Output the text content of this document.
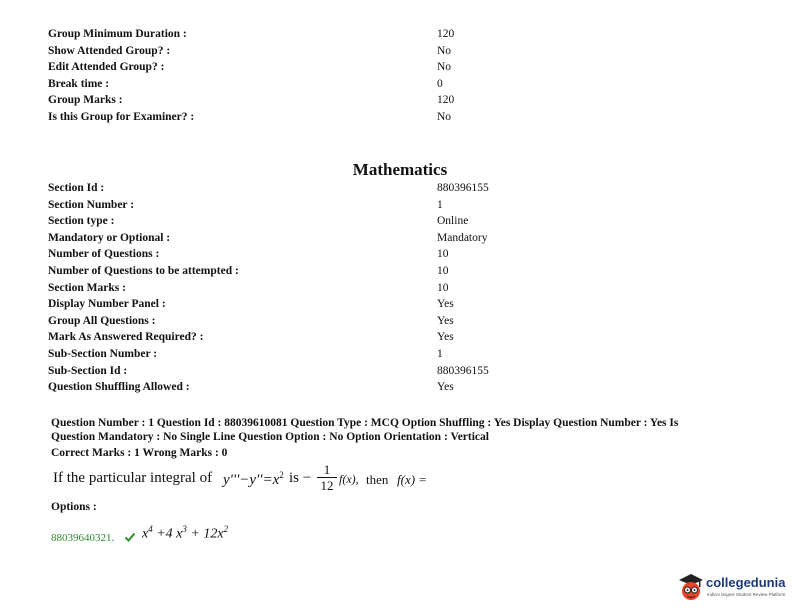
Group Minimum Duration :	120
Show Attended Group? :	No
Edit Attended Group? :	No
Break time :	0
Group Marks :	120
Is this Group for Examiner? :	No
Mathematics
Section Id :	880396155
Section Number :	1
Section type :	Online
Mandatory or Optional :	Mandatory
Number of Questions :	10
Number of Questions to be attempted :	10
Section Marks :	10
Display Number Panel :	Yes
Group All Questions :	Yes
Mark As Answered Required? :	Yes
Sub-Section Number :	1
Sub-Section Id :	880396155
Question Shuffling Allowed :	Yes
Question Number : 1 Question Id : 88039610081 Question Type : MCQ Option Shuffling : Yes Display Question Number : Yes Is
Question Mandatory : No Single Line Question Option : No Option Orientation : Vertical
Correct Marks : 1 Wrong Marks : 0
If the particular integral of $y'''-y''=x^2$ is −
1
12 f(x), then f(x) =
Options :
88039640321. $x^4 +4$ $x^3 + 12x^2$
collegedunia
India's largest Student Review Platform
